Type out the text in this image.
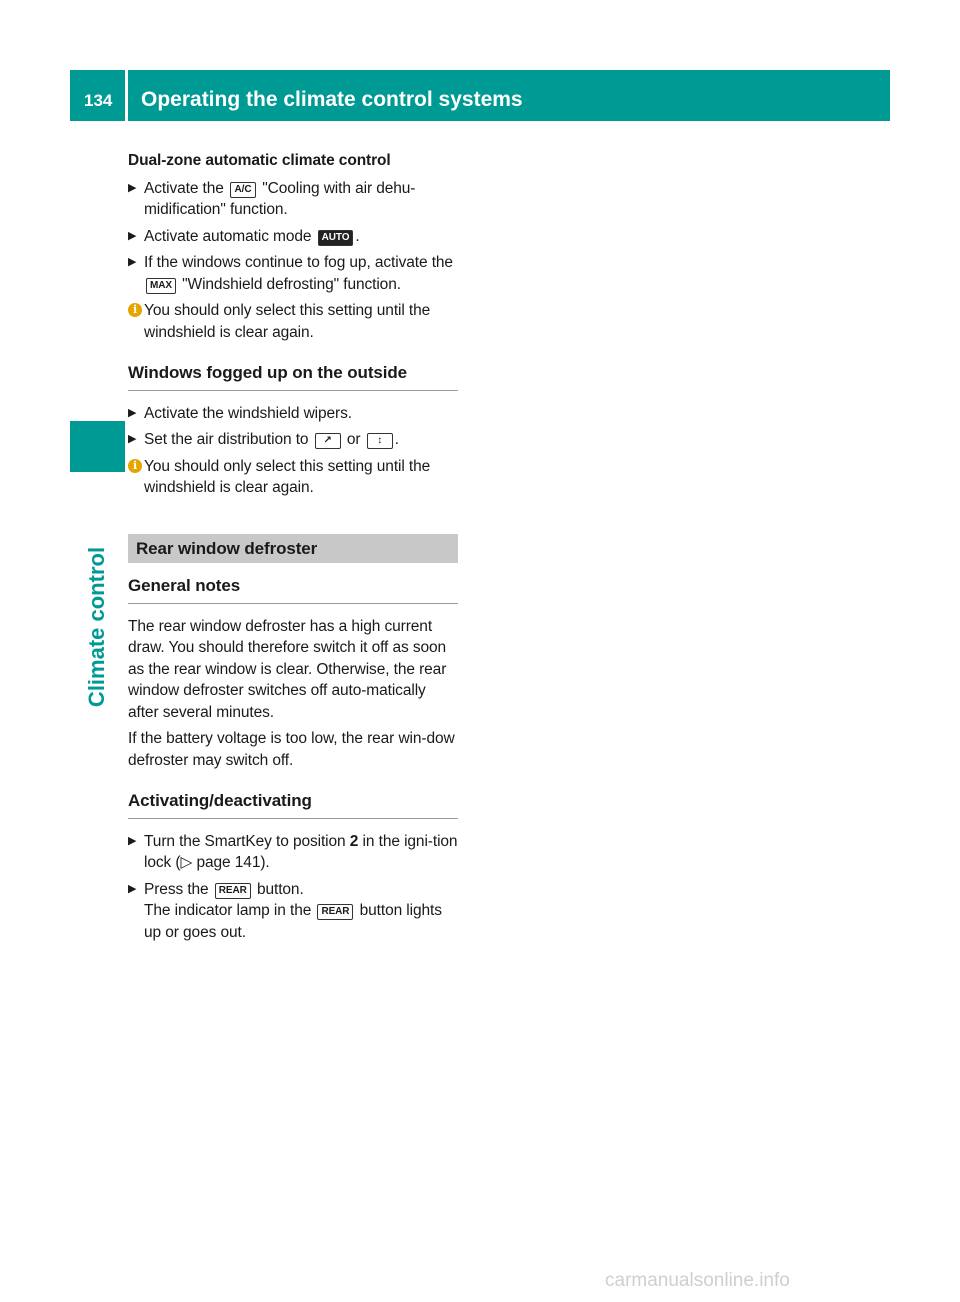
134 Operating the climate control systems
Climate control
Dual-zone automatic climate control
▶ Activate the A/C "Cooling with air dehu-midification" function.
▶ Activate automatic mode AUTO .
▶ If the windows continue to fog up, activate the MAX "Windshield defrosting" function.
i You should only select this setting until the windshield is clear again.
Windows fogged up on the outside
▶ Activate the windshield wipers.
▶ Set the air distribution to ↗ or ↕ .
i You should only select this setting until the windshield is clear again.
Rear window defroster
General notes

The rear window defroster has a high current draw. You should therefore switch it off as soon as the rear window is clear. Otherwise, the rear window defroster switches off auto-matically after several minutes.

If the battery voltage is too low, the rear win-dow defroster may switch off.

Activating/deactivating
▶ Turn the SmartKey to position 2 in the igni-tion lock (▷ page 141).
▶ Press the REAR button.
The indicator lamp in the REAR button lights up or goes out.
carmanualsonline.info
